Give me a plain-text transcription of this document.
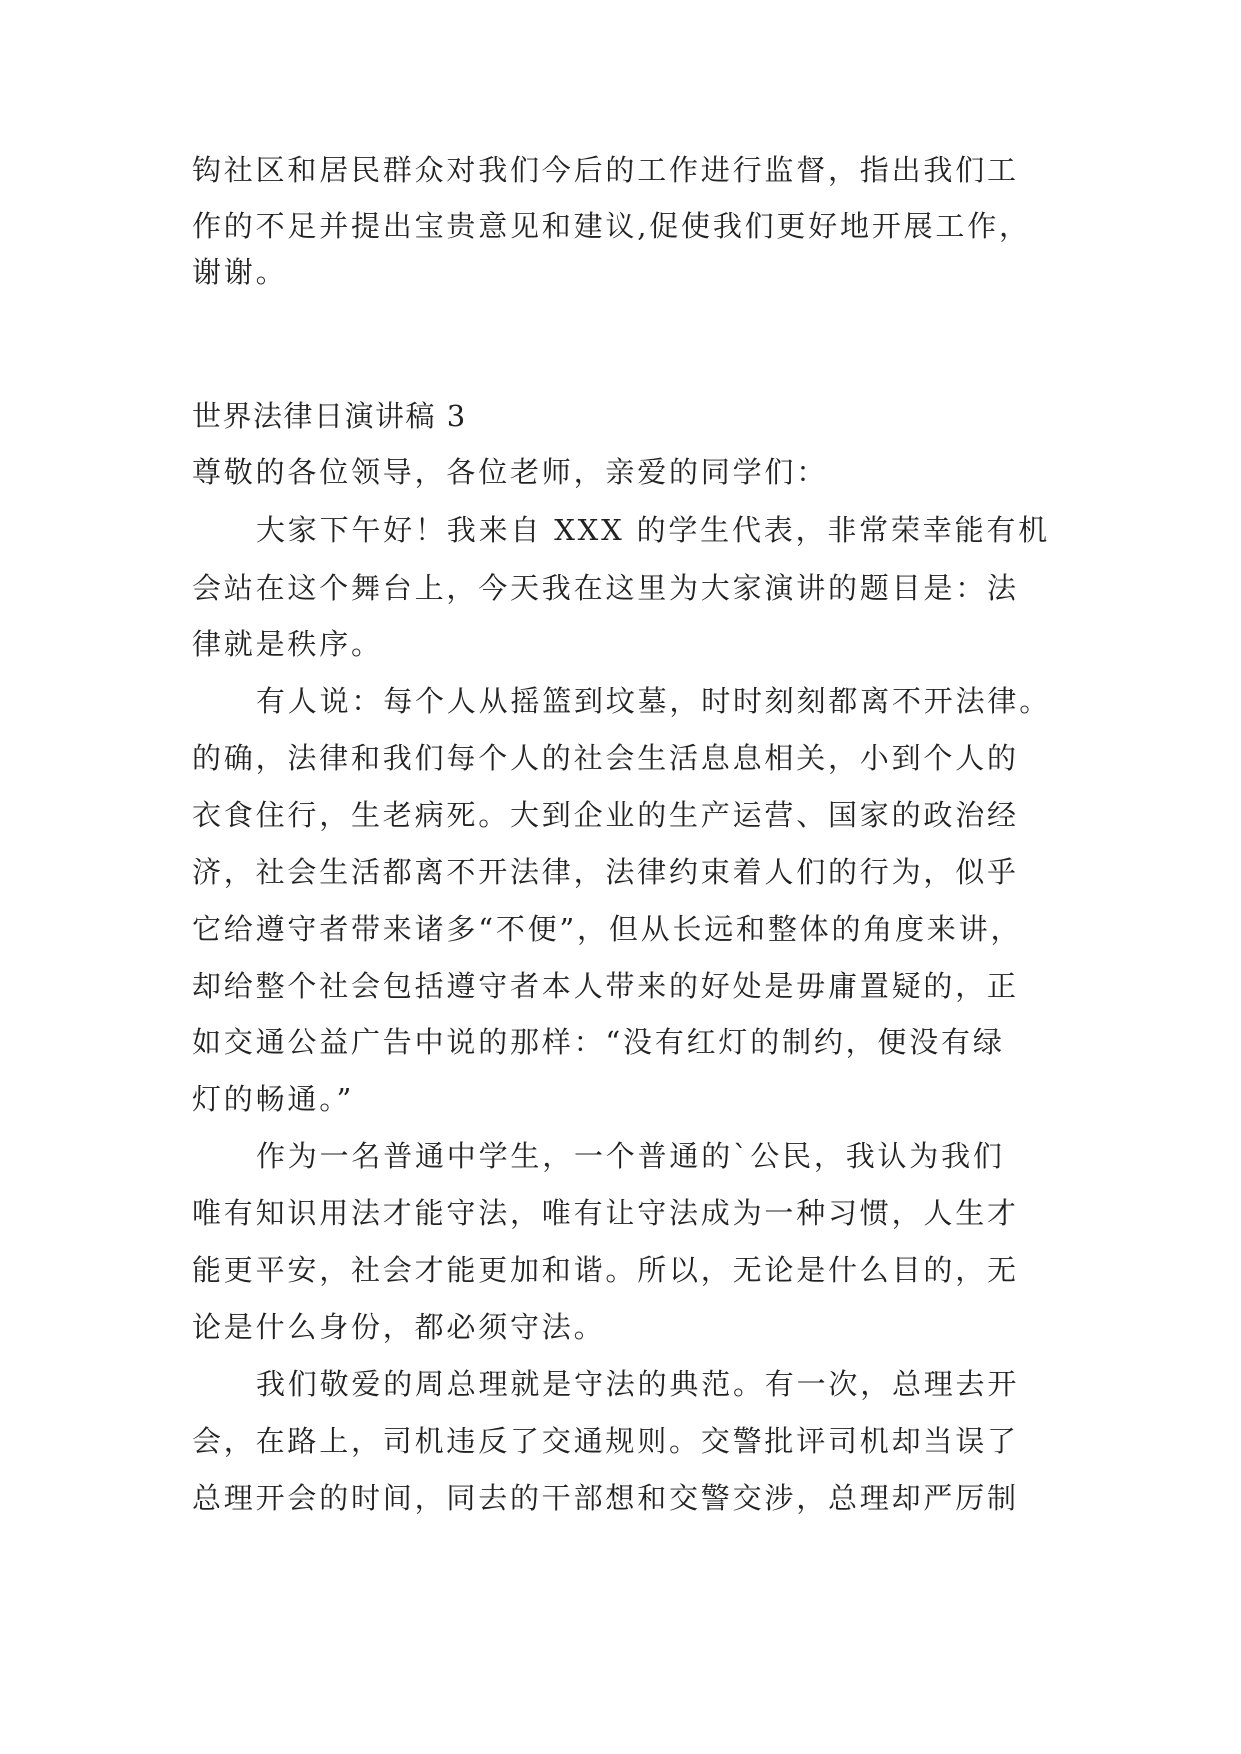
钩社区和居民群众对我们今后的工作进行监督，指出我们工
作的不足并提出宝贵意见和建议,促使我们更好地开展工作，
谢谢。
世界法律日演讲稿 3
尊敬的各位领导，各位老师，亲爱的同学们：
大家下午好！我来自 XXX 的学生代表，非常荣幸能有机
会站在这个舞台上，今天我在这里为大家演讲的题目是：法
律就是秩序。
有人说：每个人从摇篮到坟墓，时时刻刻都离不开法律。
的确，法律和我们每个人的社会生活息息相关，小到个人的
衣食住行，生老病死。大到企业的生产运营、国家的政治经
济，社会生活都离不开法律，法律约束着人们的行为，似乎
它给遵守者带来诸多“不便”，但从长远和整体的角度来讲，
却给整个社会包括遵守者本人带来的好处是毋庸置疑的，正
如交通公益广告中说的那样：“没有红灯的制约，便没有绿
灯的畅通。”
作为一名普通中学生，一个普通的`公民，我认为我们
唯有知识用法才能守法，唯有让守法成为一种习惯，人生才
能更平安，社会才能更加和谐。所以，无论是什么目的，无
论是什么身份，都必须守法。
我们敬爱的周总理就是守法的典范。有一次，总理去开
会，在路上，司机违反了交通规则。交警批评司机却当误了
总理开会的时间，同去的干部想和交警交涉，总理却严厉制
